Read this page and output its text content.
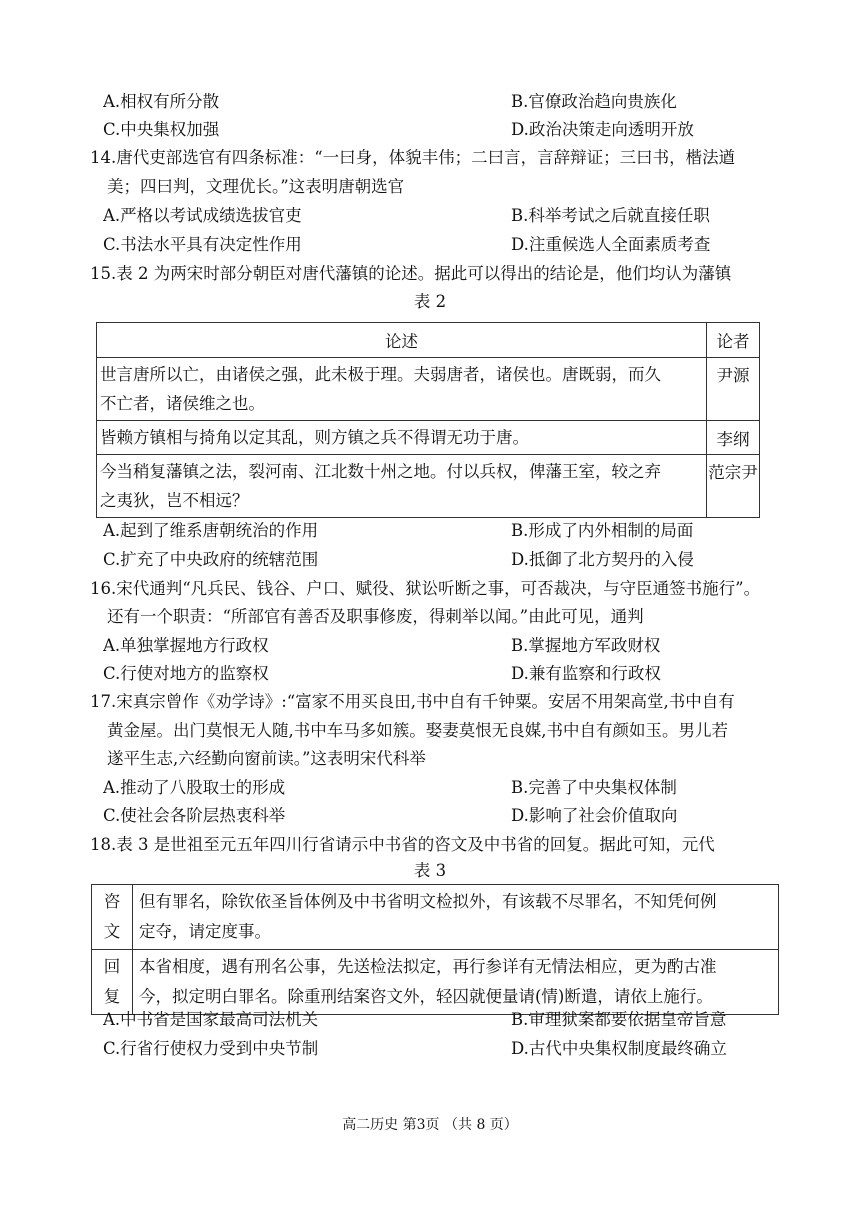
A.相权有所分散	B.官僚政治趋向贵族化
C.中央集权加强	D.政治决策走向透明开放
14.唐代吏部选官有四条标准：“一曰身，体貌丰伟；二曰言，言辞辩证；三曰书，楷法遒
美；四曰判，文理优长。”这表明唐朝选官
A.严格以考试成绩选拔官吏	B.科举考试之后就直接任职
C.书法水平具有决定性作用	D.注重候选人全面素质考查
15.表 2 为两宋时部分朝臣对唐代藩镇的论述。据此可以得出的结论是，他们均认为藩镇
表 2
论述	论者
世言唐所以亡，由诸侯之强，此未极于理。夫弱唐者，诸侯也。唐既弱，而久
不亡者，诸侯维之也。	尹源
皆赖方镇相与掎角以定其乱，则方镇之兵不得谓无功于唐。	李纲
今当稍复藩镇之法，裂河南、江北数十州之地。付以兵权，俾藩王室，较之弃
之夷狄，岂不相远？	范宗尹
A.起到了维系唐朝统治的作用	B.形成了内外相制的局面
C.扩充了中央政府的统辖范围	D.抵御了北方契丹的入侵
16.宋代通判“凡兵民、钱谷、户口、赋役、狱讼听断之事，可否裁决，与守臣通签书施行”。
还有一个职责：“所部官有善否及职事修废，得刺举以闻。”由此可见，通判
A.单独掌握地方行政权	B.掌握地方军政财权
C.行使对地方的监察权	D.兼有监察和行政权
17.宋真宗曾作《劝学诗》:“富家不用买良田,书中自有千钟粟。安居不用架高堂,书中自有
黄金屋。出门莫恨无人随,书中车马多如簇。娶妻莫恨无良媒,书中自有颜如玉。男儿若
遂平生志,六经勤向窗前读。”这表明宋代科举
A.推动了八股取士的形成	B.完善了中央集权体制
C.使社会各阶层热衷科举	D.影响了社会价值取向
18.表 3 是世祖至元五年四川行省请示中书省的咨文及中书省的回复。据此可知，元代
表 3
咨
文	但有罪名，除钦依圣旨体例及中书省明文检拟外，有该载不尽罪名，不知凭何例
定夺，请定度事。
回
复	本省相度，遇有刑名公事，先送检法拟定，再行参详有无情法相应，更为酌古准
今，拟定明白罪名。除重刑结案咨文外，轻囚就便量请(情)断遣，请依上施行。
A.中书省是国家最高司法机关	B.审理狱案都要依据皇帝旨意
C.行省行使权力受到中央节制	D.古代中央集权制度最终确立
高二历史 第3页 （共 8 页）
